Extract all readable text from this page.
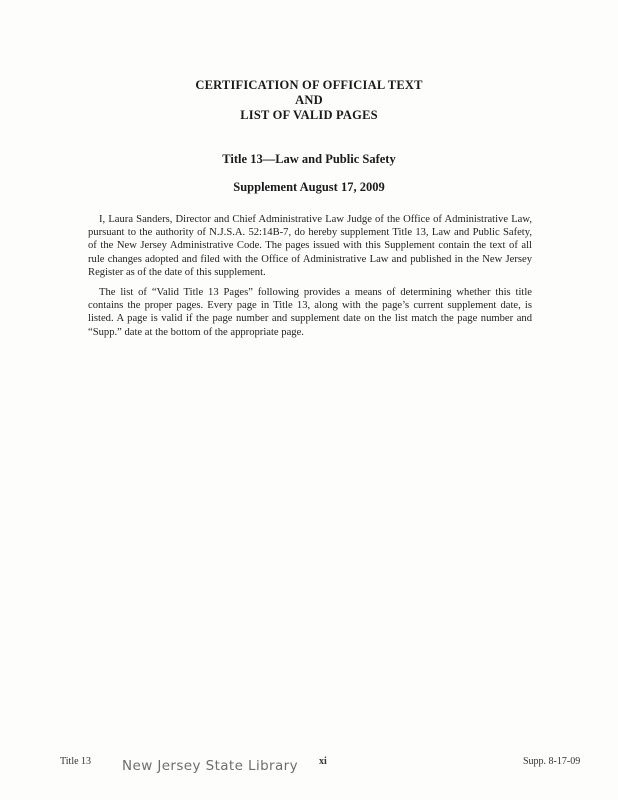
CERTIFICATION OF OFFICIAL TEXT
AND
LIST OF VALID PAGES
Title 13—Law and Public Safety
Supplement August 17, 2009

I, Laura Sanders, Director and Chief Administrative Law Judge of the Office of Administrative Law, pursuant to the authority of N.J.S.A. 52:14B-7, do hereby supplement Title 13, Law and Public Safety, of the New Jersey Administrative Code. The pages issued with this Supplement contain the text of all rule changes adopted and filed with the Office of Administrative Law and published in the New Jersey Register as of the date of this supplement.

The list of “Valid Title 13 Pages” following provides a means of determining whether this title contains the proper pages. Every page in Title 13, along with the page’s current supplement date, is listed. A page is valid if the page number and supplement date on the list match the page number and “Supp.” date at the bottom of the appropriate page.

Title 13 New Jersey State Library xi	Supp. 8-17-09
